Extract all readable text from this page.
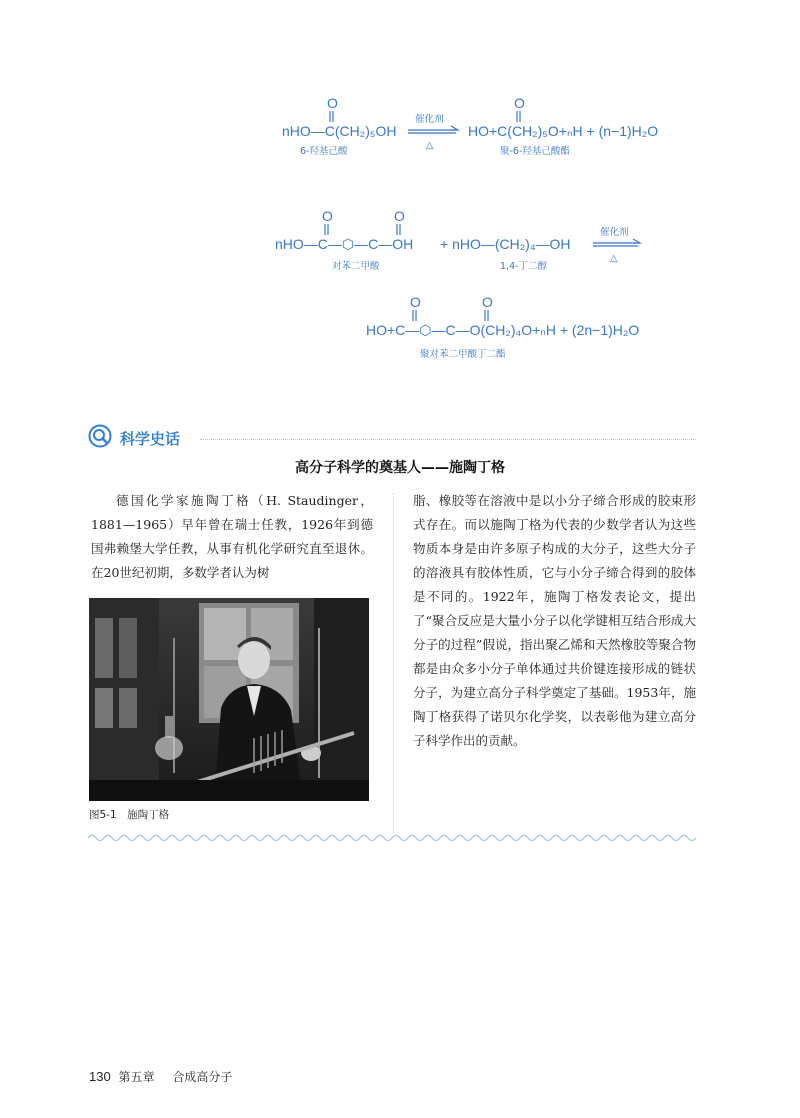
O
nHO—C(CH₂)₅OH
6-羟基己酸
催化剂
△
O
HO+C(CH₂)₅O+ₙH + (n−1)H₂O
聚-6-羟基己酸酯
O	O
nHO—C—⬡—C—OH
对苯二甲酸
+ nHO—(CH₂)₄—OH
1,4-丁二醇
催化剂
△
O	O
HO+C—⬡—C—O(CH₂)₄O+ₙH + (2n−1)H₂O
聚对苯二甲酸丁二酯
科学史话
高分子科学的奠基人——施陶丁格
德国化学家施陶丁格（H. Staudinger，1881—1965）早年曾在瑞士任教，1926年到德国弗赖堡大学任教，从事有机化学研究直至退休。在20世纪初期，多数学者认为树
脂、橡胶等在溶液中是以小分子缔合形成的胶束形式存在。而以施陶丁格为代表的少数学者认为这些物质本身是由许多原子构成的大分子，这些大分子的溶液具有胶体性质，它与小分子缔合得到的胶体是不同的。1922年，施陶丁格发表论文，提出了“聚合反应是大量小分子以化学键相互结合形成大分子的过程”假说，指出聚乙烯和天然橡胶等聚合物都是由众多小分子单体通过共价键连接形成的链状分子，为建立高分子科学奠定了基础。1953年，施陶丁格获得了诺贝尔化学奖，以表彰他为建立高分子科学作出的贡献。
图5-1　施陶丁格
130 第五章 合成高分子
